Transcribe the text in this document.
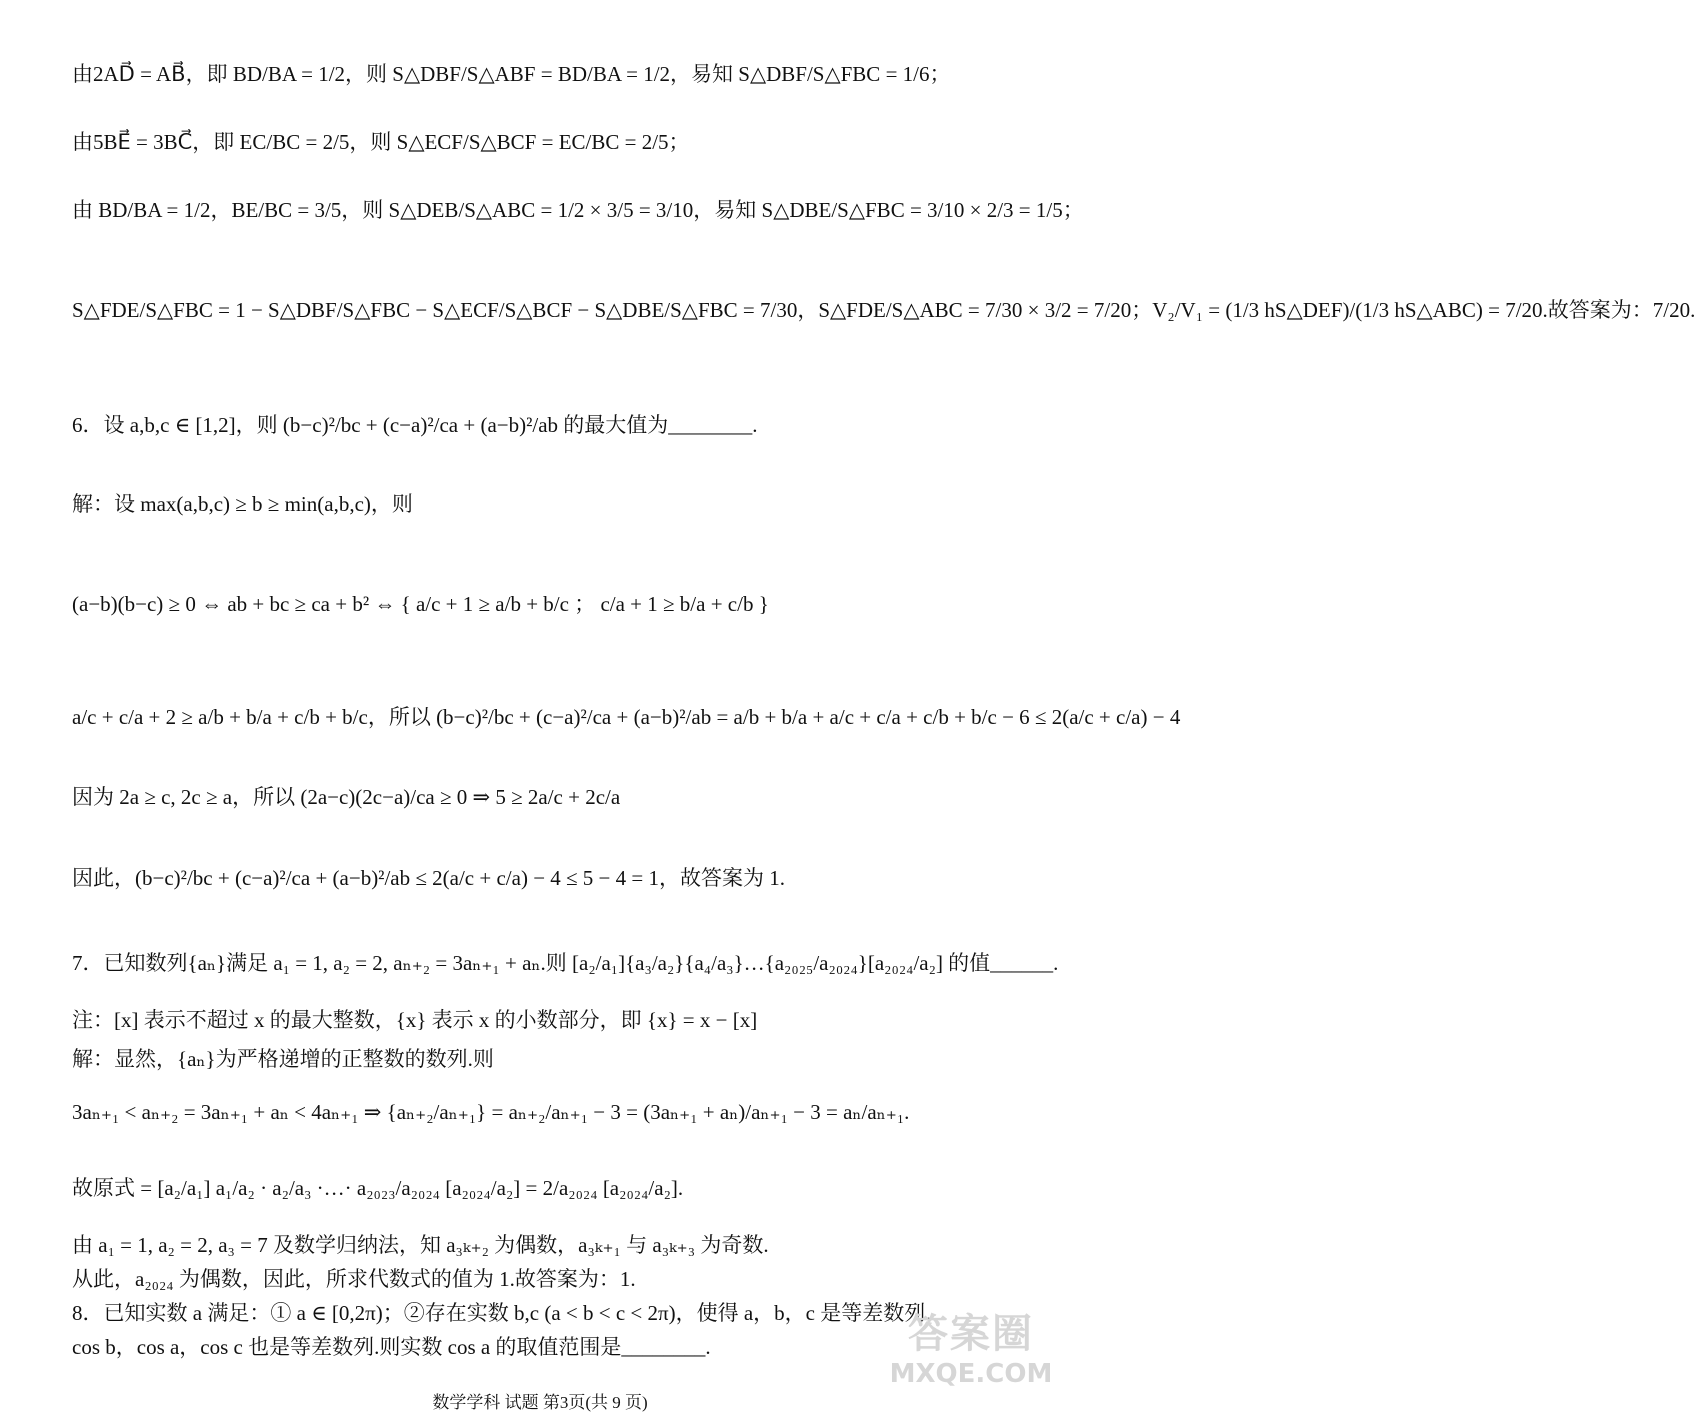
由2AD⃗ = AB⃗，即 BD/BA = 1/2，则 S△DBF/S△ABF = BD/BA = 1/2，易知 S△DBF/S△FBC = 1/6；
由5BE⃗ = 3BC⃗，即 EC/BC = 2/5，则 S△ECF/S△BCF = EC/BC = 2/5；
由 BD/BA = 1/2，BE/BC = 3/5，则 S△DEB/S△ABC = 1/2 × 3/5 = 3/10，易知 S△DBE/S△FBC = 3/10 × 2/3 = 1/5；
S△FDE/S△FBC = 1 − S△DBF/S△FBC − S△ECF/S△BCF − S△DBE/S△FBC = 7/30，S△FDE/S△ABC = 7/30 × 3/2 = 7/20；V₂/V₁ = (1/3 hS△DEF)/(1/3 hS△ABC) = 7/20.故答案为：7/20.
6．设 a,b,c ∈ [1,2]，则 (b−c)²/bc + (c−a)²/ca + (a−b)²/ab 的最大值为________.
解：设 max(a,b,c) ≥ b ≥ min(a,b,c)，则
(a−b)(b−c) ≥ 0 ⇔ ab + bc ≥ ca + b² ⇔ { a/c + 1 ≥ a/b + b/c ； c/a + 1 ≥ b/a + c/b }
a/c + c/a + 2 ≥ a/b + b/a + c/b + b/c，所以 (b−c)²/bc + (c−a)²/ca + (a−b)²/ab = a/b + b/a + a/c + c/a + c/b + b/c − 6 ≤ 2(a/c + c/a) − 4
因为 2a ≥ c, 2c ≥ a，所以 (2a−c)(2c−a)/ca ≥ 0 ⇒ 5 ≥ 2a/c + 2c/a
因此，(b−c)²/bc + (c−a)²/ca + (a−b)²/ab ≤ 2(a/c + c/a) − 4 ≤ 5 − 4 = 1，故答案为 1.
7．已知数列{aₙ}满足 a₁ = 1, a₂ = 2, aₙ₊₂ = 3aₙ₊₁ + aₙ.则 [a₂/a₁]{a₃/a₂}{a₄/a₃}…{a₂₀₂₅/a₂₀₂₄}[a₂₀₂₄/a₂] 的值______.
注：[x] 表示不超过 x 的最大整数，{x} 表示 x 的小数部分，即 {x} = x − [x]
解：显然，{aₙ}为严格递增的正整数的数列.则
3aₙ₊₁ < aₙ₊₂ = 3aₙ₊₁ + aₙ < 4aₙ₊₁ ⇒ {aₙ₊₂/aₙ₊₁} = aₙ₊₂/aₙ₊₁ − 3 = (3aₙ₊₁ + aₙ)/aₙ₊₁ − 3 = aₙ/aₙ₊₁.
故原式 = [a₂/a₁] a₁/a₂ · a₂/a₃ ·…· a₂₀₂₃/a₂₀₂₄ [a₂₀₂₄/a₂] = 2/a₂₀₂₄ [a₂₀₂₄/a₂].
由 a₁ = 1, a₂ = 2, a₃ = 7 及数学归纳法，知 a₃ₖ₊₂ 为偶数，a₃ₖ₊₁ 与 a₃ₖ₊₃ 为奇数.
从此，a₂₀₂₄ 为偶数，因此，所求代数式的值为 1.故答案为：1.
8．已知实数 a 满足：① a ∈ [0,2π)；②存在实数 b,c (a < b < c < 2π)，使得 a，b，c 是等差数列，
cos b，cos a，cos c 也是等差数列.则实数 cos a 的取值范围是________.
数学学科 试题 第3页(共 9 页)
答案圈
MXQE.COM
